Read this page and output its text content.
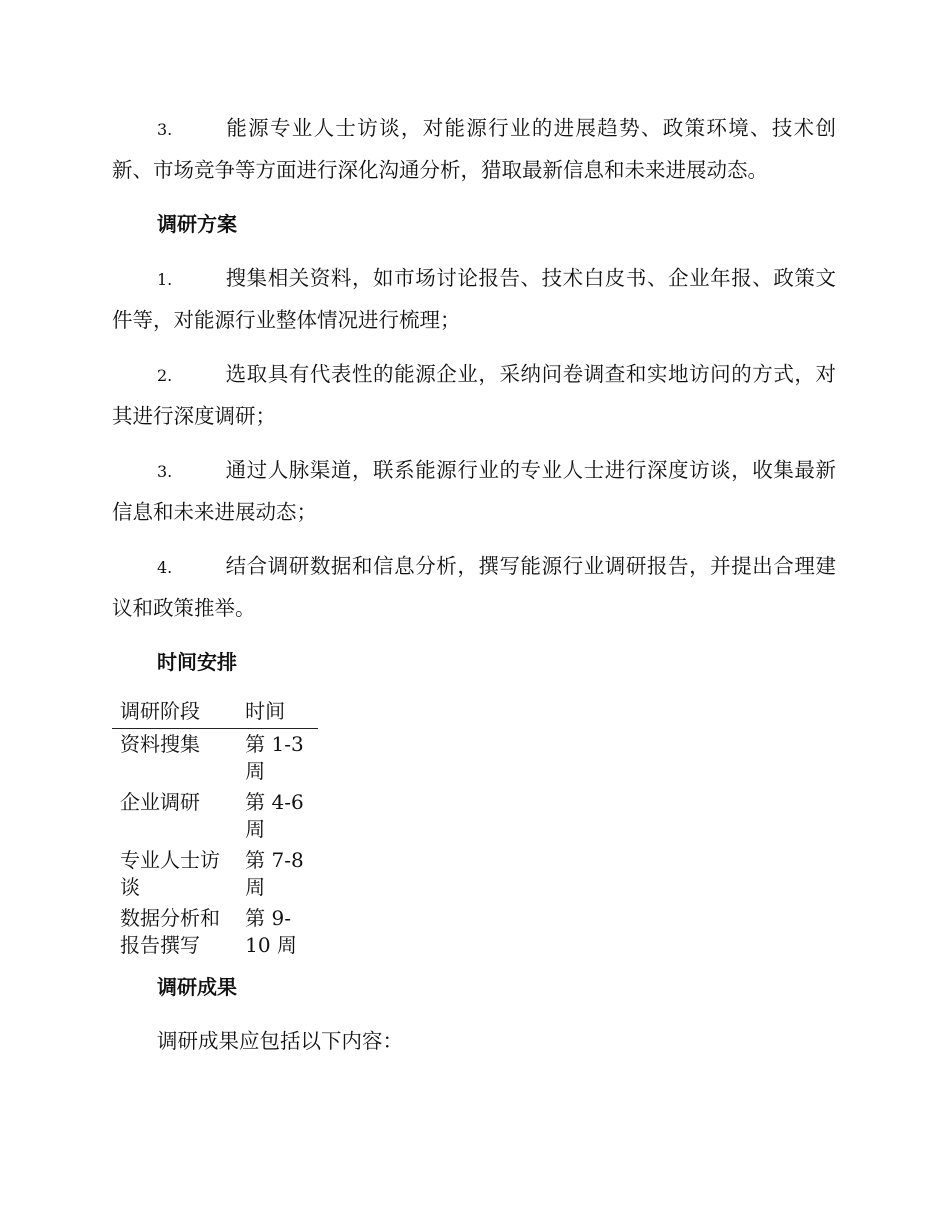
3.	能源专业人士访谈，对能源行业的进展趋势、政策环境、技术创新、市场竞争等方面进行深化沟通分析，猎取最新信息和未来进展动态。

调研方案

1.	搜集相关资料，如市场讨论报告、技术白皮书、企业年报、政策文件等，对能源行业整体情况进行梳理；

2.	选取具有代表性的能源企业，采纳问卷调查和实地访问的方式，对其进行深度调研；

3.	通过人脉渠道，联系能源行业的专业人士进行深度访谈，收集最新信息和未来进展动态；

4.	结合调研数据和信息分析，撰写能源行业调研报告，并提出合理建议和政策推举。

时间安排
调研阶段	时间
资料搜集	第 1-3 周
企业调研	第 4-6 周
专业人士访谈	第 7-8 周
数据分析和报告撰写	第 9-10 周
调研成果

调研成果应包括以下内容：
